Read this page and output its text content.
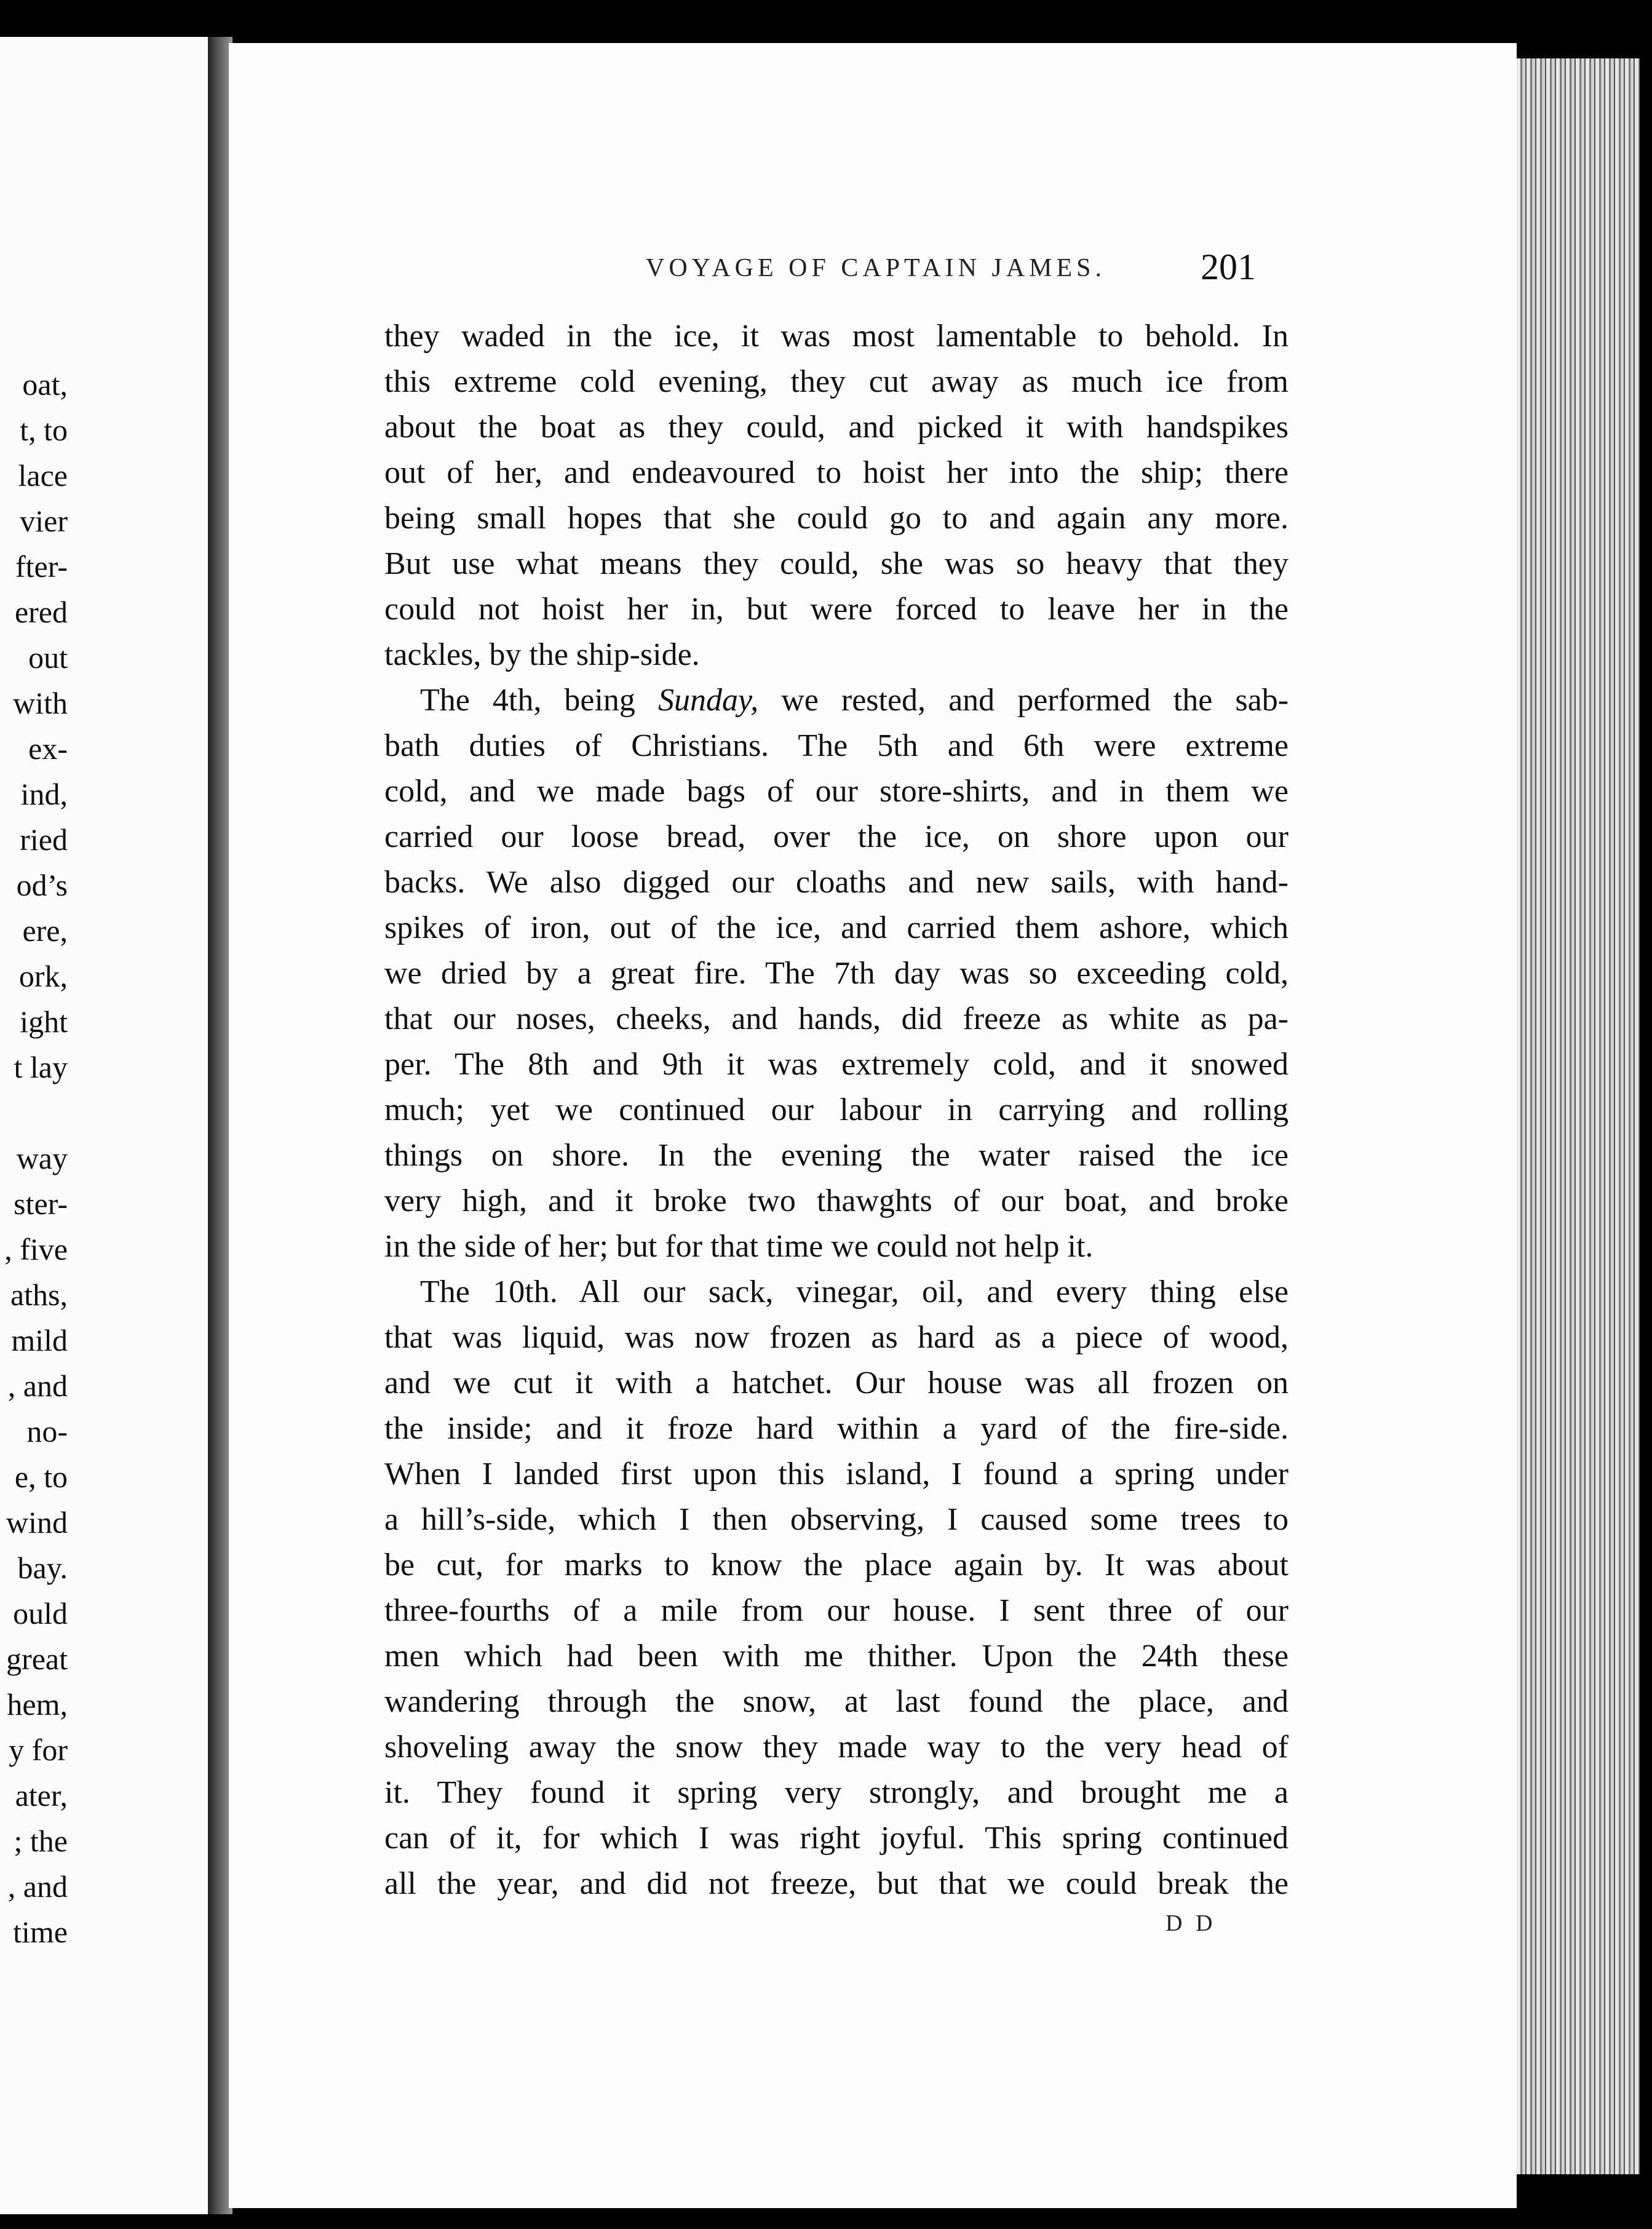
oat,
t, to
lace
vier
fter-
ered
out
with
ex-
ind,
ried
od’s
ere,
ork,
ight
t lay
way
ster-
, five
aths,
mild
, and
no-
e, to
wind
bay.
ould
great
hem,
y for
ater,
; the
, and
time
VOYAGE OF CAPTAIN JAMES.	201
they waded in the ice, it was most lamentable to behold. In
this extreme cold evening, they cut away as much ice from
about the boat as they could, and picked it with handspikes
out of her, and endeavoured to hoist her into the ship; there
being small hopes that she could go to and again any more.
But use what means they could, she was so heavy that they
could not hoist her in, but were forced to leave her in the
tackles, by the ship-side.
The 4th, being Sunday, we rested, and performed the sab-
bath duties of Christians. The 5th and 6th were extreme
cold, and we made bags of our store-shirts, and in them we
carried our loose bread, over the ice, on shore upon our
backs. We also digged our cloaths and new sails, with hand-
spikes of iron, out of the ice, and carried them ashore, which
we dried by a great fire. The 7th day was so exceeding cold,
that our noses, cheeks, and hands, did freeze as white as pa-
per. The 8th and 9th it was extremely cold, and it snowed
much; yet we continued our labour in carrying and rolling
things on shore. In the evening the water raised the ice
very high, and it broke two thawghts of our boat, and broke
in the side of her; but for that time we could not help it.
The 10th. All our sack, vinegar, oil, and every thing else
that was liquid, was now frozen as hard as a piece of wood,
and we cut it with a hatchet. Our house was all frozen on
the inside; and it froze hard within a yard of the fire-side.
When I landed first upon this island, I found a spring under
a hill’s-side, which I then observing, I caused some trees to
be cut, for marks to know the place again by. It was about
three-fourths of a mile from our house. I sent three of our
men which had been with me thither. Upon the 24th these
wandering through the snow, at last found the place, and
shoveling away the snow they made way to the very head of
it. They found it spring very strongly, and brought me a
can of it, for which I was right joyful. This spring continued
all the year, and did not freeze, but that we could break the
D D
